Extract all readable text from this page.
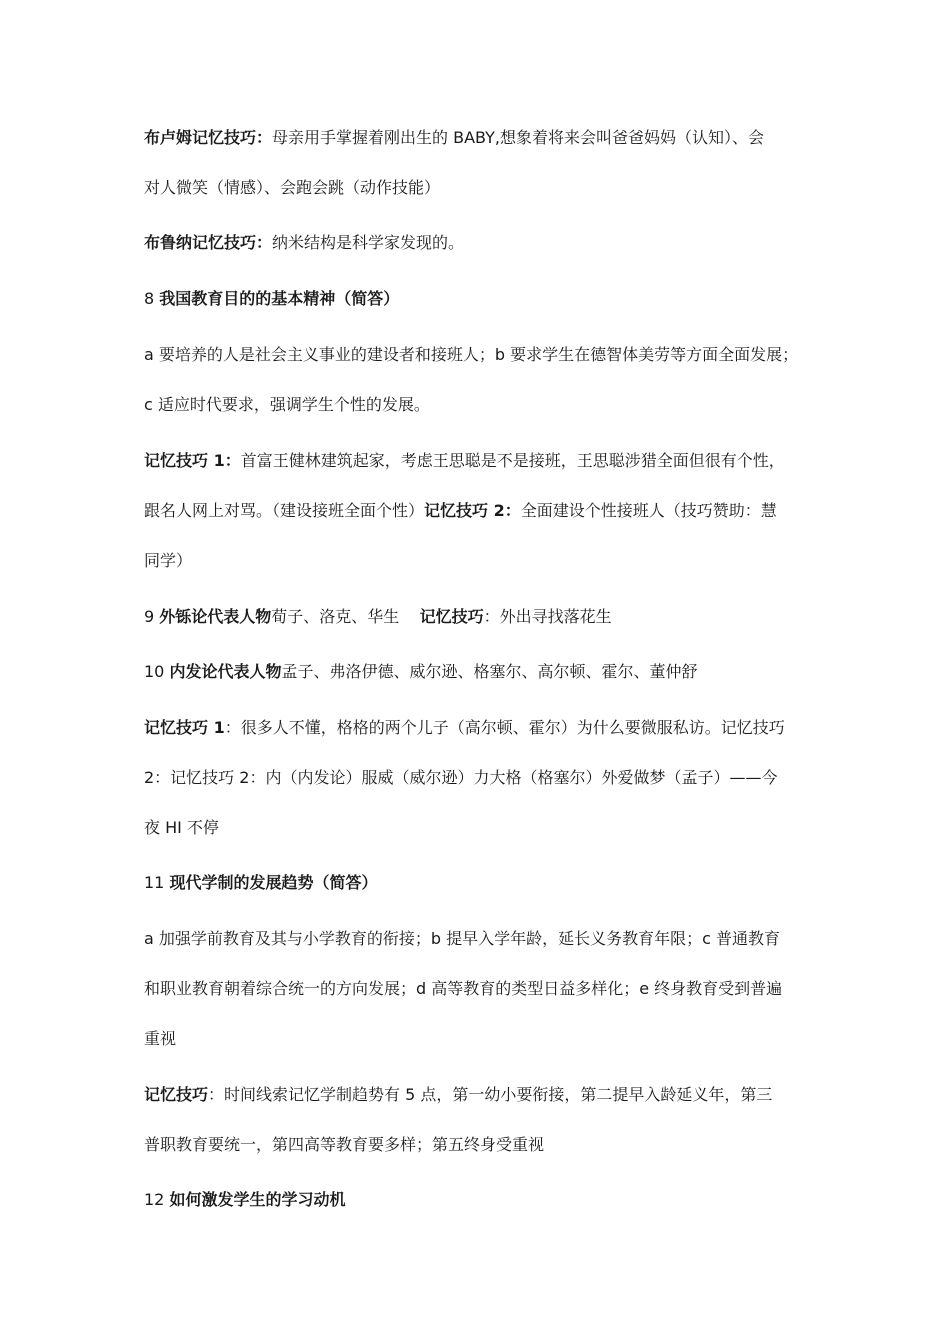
布卢姆记忆技巧：母亲用手掌握着刚出生的 BABY,想象着将来会叫爸爸妈妈（认知）、会
对人微笑（情感）、会跑会跳（动作技能）
布鲁纳记忆技巧：纳米结构是科学家发现的。
8 我国教育目的的基本精神（简答）
a 要培养的人是社会主义事业的建设者和接班人；b 要求学生在德智体美劳等方面全面发展；
c 适应时代要求，强调学生个性的发展。
记忆技巧 1：首富王健林建筑起家，考虑王思聪是不是接班，王思聪涉猎全面但很有个性，
跟名人网上对骂。（建设接班全面个性）记忆技巧 2：全面建设个性接班人（技巧赞助：慧
同学）
9 外铄论代表人物荀子、洛克、华生    记忆技巧：外出寻找落花生
10 内发论代表人物孟子、弗洛伊德、威尔逊、格塞尔、高尔顿、霍尔、董仲舒
记忆技巧 1：很多人不懂，格格的两个儿子（高尔顿、霍尔）为什么要微服私访。记忆技巧
2：记忆技巧 2：内（内发论）服威（威尔逊）力大格（格塞尔）外爱做梦（孟子）——今
夜 HI 不停
11 现代学制的发展趋势（简答）
a 加强学前教育及其与小学教育的衔接；b 提早入学年龄，延长义务教育年限；c 普通教育
和职业教育朝着综合统一的方向发展；d 高等教育的类型日益多样化；e 终身教育受到普遍
重视
记忆技巧：时间线索记忆学制趋势有 5 点，第一幼小要衔接，第二提早入龄延义年，第三
普职教育要统一，第四高等教育要多样；第五终身受重视
12 如何激发学生的学习动机
